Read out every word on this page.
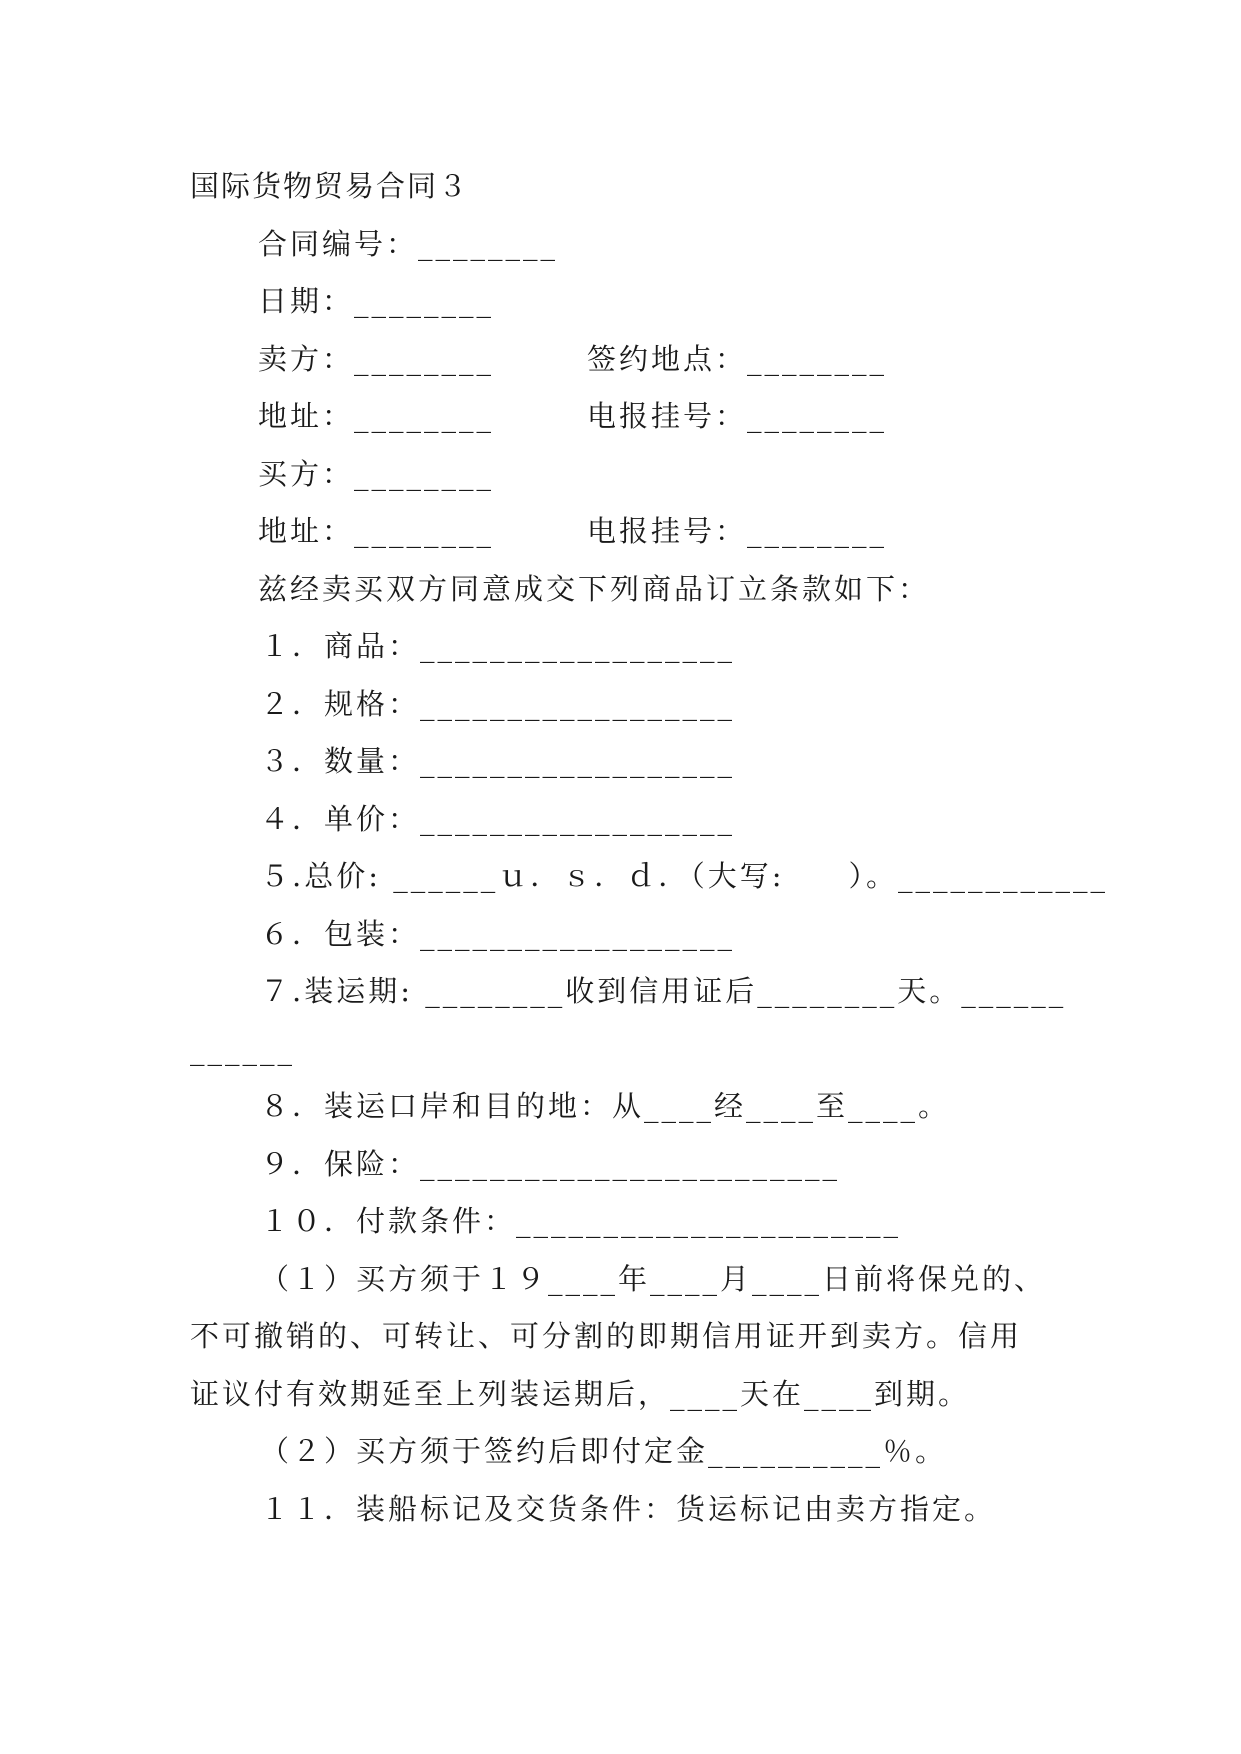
国际货物贸易合同３
合同编号：________
日期：________
卖方：________	签约地点：________
地址：________	电报挂号：________
买方：________
地址：________	电报挂号：________
兹经卖买双方同意成交下列商品订立条款如下：
１．商品：__________________
２．规格：__________________
３．数量：__________________
４．单价：__________________
５.总价: ______ｕ．ｓ．ｄ．（大写:　　）。____________
６．包装：__________________
７.装运期: ________收到信用证后________天。______
______
８．装运口岸和目的地：从____经____至____。
９．保险：________________________
１０．付款条件：______________________
（１）买方须于１９____年____月____日前将保兑的、
不可撤销的、可转让、可分割的即期信用证开到卖方。信用
证议付有效期延至上列装运期后，____天在____到期。
（２）买方须于签约后即付定金__________％。
１１．装船标记及交货条件：货运标记由卖方指定。
